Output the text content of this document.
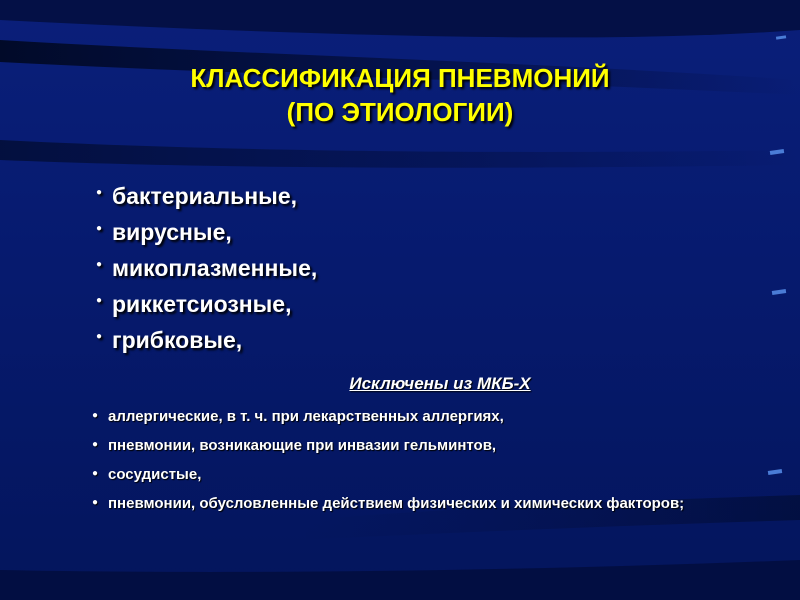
КЛАССИФИКАЦИЯ ПНЕВМОНИЙ
(ПО ЭТИОЛОГИИ)
● бактериальные,
● вирусные,
● микоплазменные,
● риккетсиозные,
● грибковые,
Исключены из МКБ-X
● аллергические, в т. ч. при лекарственных аллергиях,
● пневмонии, возникающие при инвазии гельминтов,
● сосудистые,
● пневмонии, обусловленные действием физических и химических факторов;
